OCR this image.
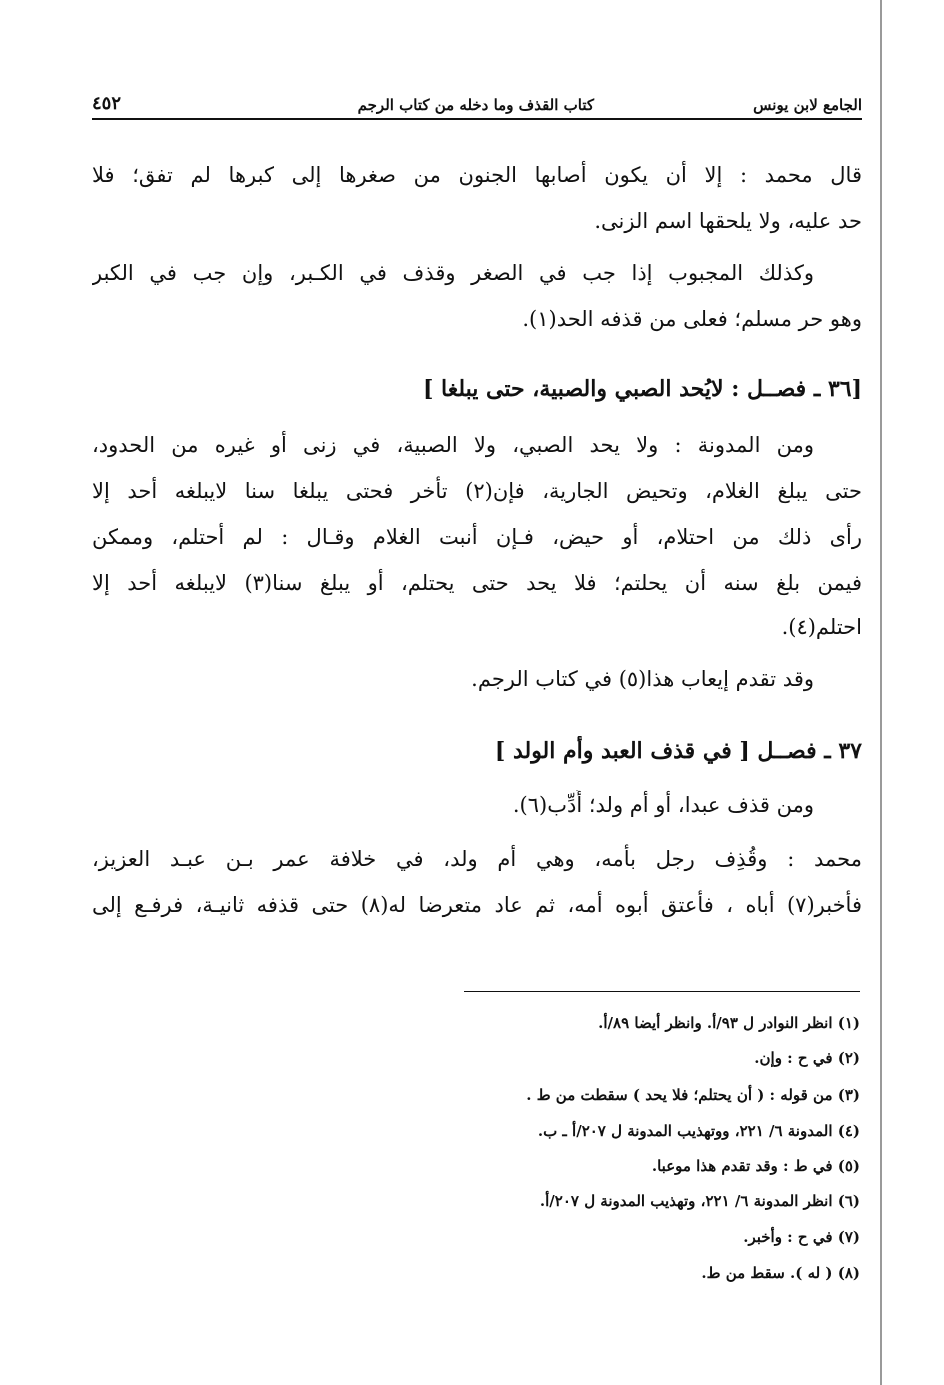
الجامع لابن يونس
كتاب القذف وما دخله من كتاب الرجم
٤٥٢
قال محمد : إلا أن يكون أصابها الجنون من صغرها إلى كبرها لم تفق؛ فلا
حد عليه، ولا يلحقها اسم الزنى.
وكذلك المجبوب إذا جب في الصغر وقذف في الكـبر، وإن جب في الكبر
وهو حر مسلم؛ فعلى من قذفه الحد(١).
[٣٦ ـ فصــل : لايُحد الصبي والصبية، حتى يبلغا ]
ومن المدونة : ولا يحد الصبي، ولا الصبية، في زنى أو غيره من الحدود،
حتى يبلغ الغلام، وتحيض الجارية، فإن(٢) تأخر فحتى يبلغا سنا لايبلغه أحد إلا
رأى ذلك من احتلام، أو حيض، فـإن أنبت الغلام وقـال : لم أحتلم، وممكن
فيمن بلغ سنه أن يحلتم؛ فلا يحد حتى يحتلم، أو يبلغ سنا(٣) لايبلغه أحد إلا
احتلم(٤).
وقد تقدم إيعاب هذا(٥) في كتاب الرجم.
٣٧ ـ فصــل [ في قذف العبد وأم الولد ]
ومن قذف عبدا، أو أم ولد؛ أُدِّب(٦).
محمد : وقُذِف رجل بأمه، وهي أم ولد، في خلافة عمر بـن عبـد العزيز،
فأخبر(٧) أباه ، فأعتق أبوه أمه، ثم عاد متعرضا له(٨) حتى قذفه ثانيـة، فرفـع إلى
(١) انظر النوادر ل ٩٣/أ. وانظر أيضا ٨٩/أ.
(٢) في ح : وإن.
(٣) من قوله : ( أن يحتلم؛ فلا يحد ) سقطت من ط .
(٤) المدونة ٦/ ٢٢١، ووتهذيب المدونة ل ٢٠٧/أ ـ ب.
(٥) في ط : وقد تقدم هذا موعبا.
(٦) انظر المدونة ٦/ ٢٢١، وتهذيب المدونة ل ٢٠٧/أ.
(٧) في ح : وأخبر.
(٨) ( له ). سقط من ط.
